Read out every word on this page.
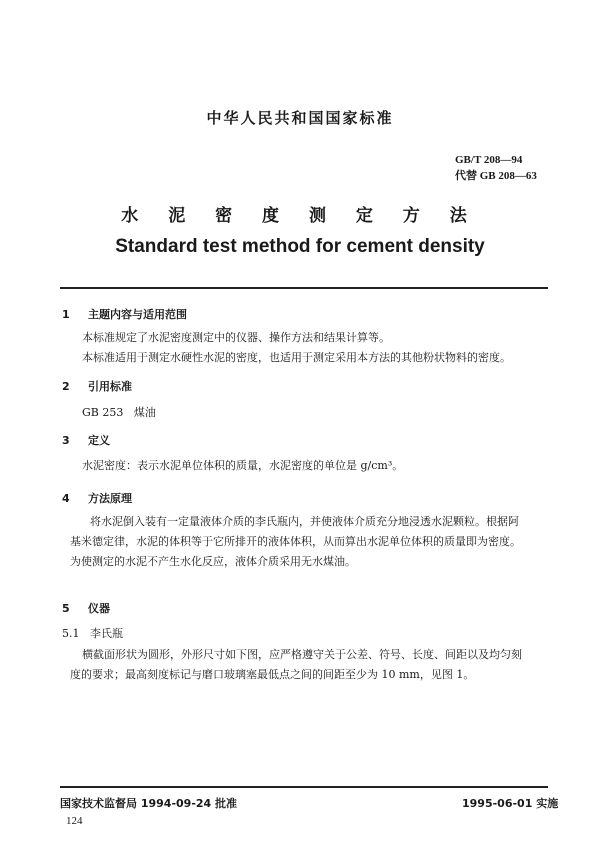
中华人民共和国国家标准
GB/T 208—94
代替 GB 208—63
水 泥 密 度 测 定 方 法
Standard test method for cement density
1 主题内容与适用范围
本标准规定了水泥密度测定中的仪器、操作方法和结果计算等。
本标准适用于测定水硬性水泥的密度，也适用于测定采用本方法的其他粉状物料的密度。
2 引用标准
GB 253 煤油
3 定义
水泥密度：表示水泥单位体积的质量，水泥密度的单位是 g/cm³。
4 方法原理
将水泥倒入装有一定量液体介质的李氏瓶内，并使液体介质充分地浸透水泥颗粒。根据阿
基米德定律，水泥的体积等于它所排开的液体体积，从而算出水泥单位体积的质量即为密度。
为使测定的水泥不产生水化反应，液体介质采用无水煤油。
5 仪器
5.1 李氏瓶
横截面形状为圆形，外形尺寸如下图，应严格遵守关于公差、符号、长度、间距以及均匀刻
度的要求；最高刻度标记与磨口玻璃塞最低点之间的间距至少为 10 mm，见图 1。
国家技术监督局 1994-09-24 批准	1995-06-01 实施
124
